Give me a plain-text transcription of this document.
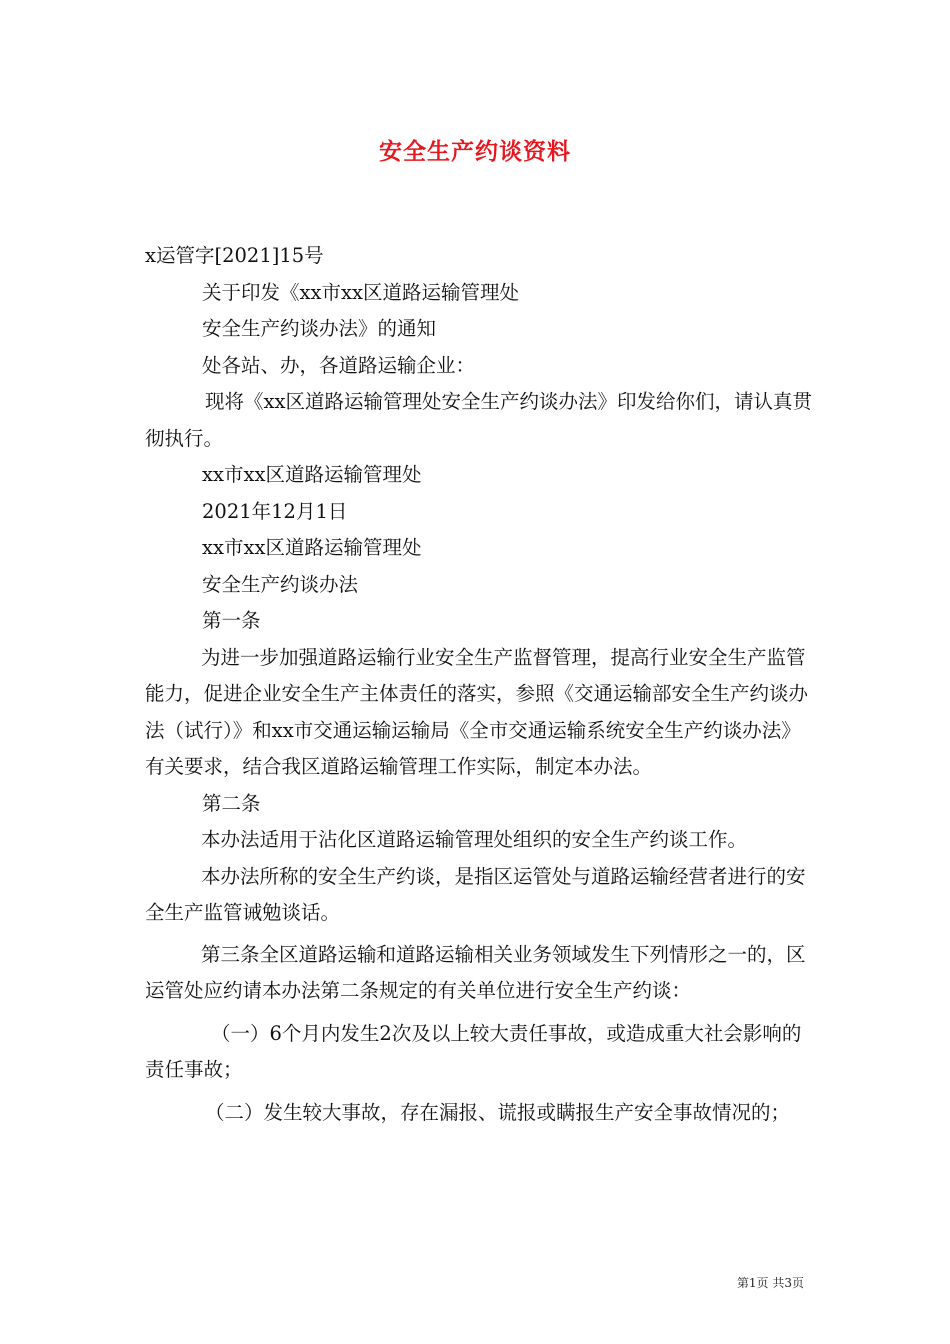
安全生产约谈资料

x运管字[2021]15号

关于印发《xx市xx区道路运输管理处

安全生产约谈办法》的通知

处各站、办，各道路运输企业：

现将《xx区道路运输管理处安全生产约谈办法》印发给你们，请认真贯彻执行。

xx市xx区道路运输管理处

2021年12月1日

xx市xx区道路运输管理处

安全生产约谈办法

第一条

为进一步加强道路运输行业安全生产监督管理，提高行业安全生产监管能力，促进企业安全生产主体责任的落实，参照《交通运输部安全生产约谈办法（试行）》和xx市交通运输运输局《全市交通运输系统安全生产约谈办法》有关要求，结合我区道路运输管理工作实际，制定本办法。

第二条

本办法适用于沾化区道路运输管理处组织的安全生产约谈工作。

本办法所称的安全生产约谈，是指区运管处与道路运输经营者进行的安全生产监管诫勉谈话。

第三条全区道路运输和道路运输相关业务领域发生下列情形之一的，区运管处应约请本办法第二条规定的有关单位进行安全生产约谈：

（一）6个月内发生2次及以上较大责任事故，或造成重大社会影响的责任事故；

（二）发生较大事故，存在漏报、谎报或瞒报生产安全事故情况的；

第1页 共3页
